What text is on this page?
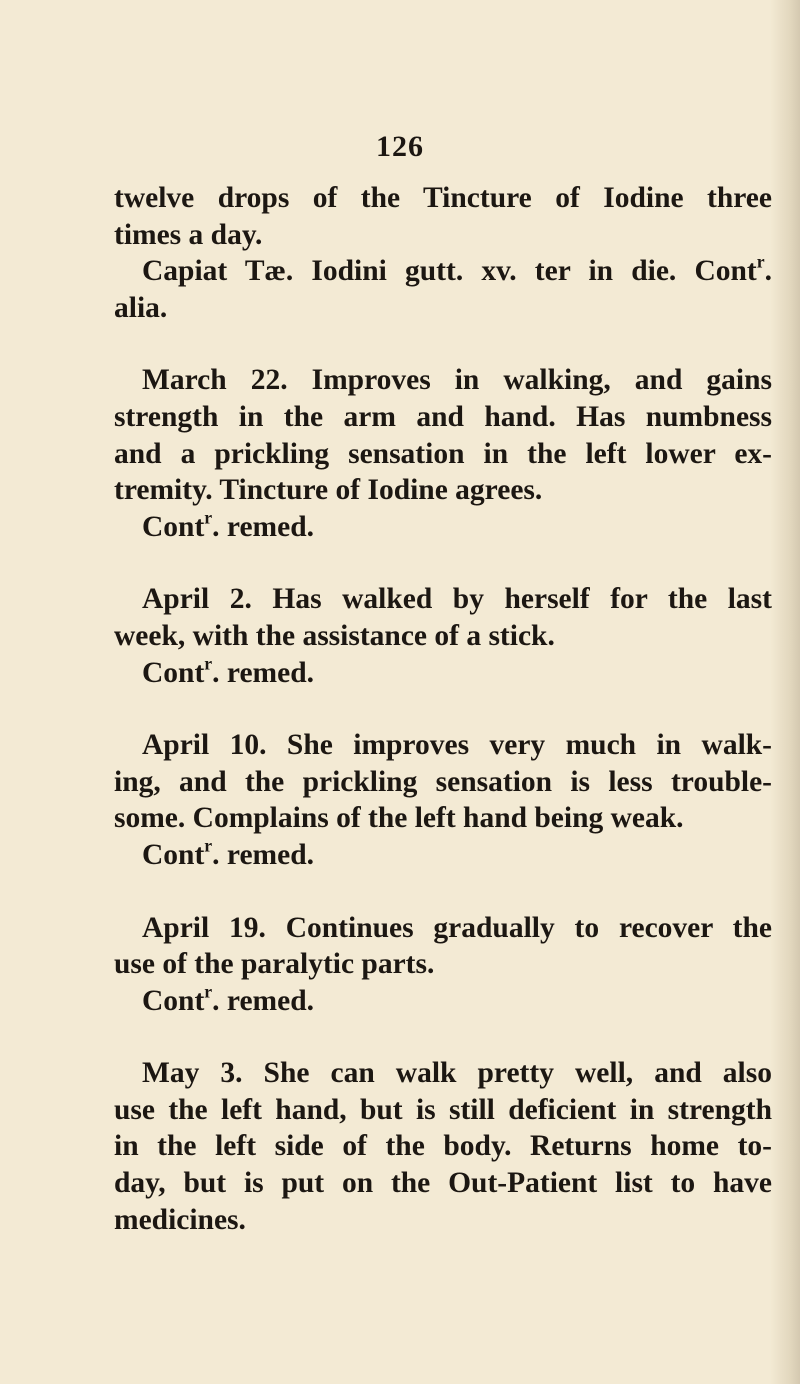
126

twelve drops of the Tincture of Iodine three
times a day.

Capiat Tæ. Iodini gutt. xv. ter in die. Cont$^r$.
alia.

March 22. Improves in walking, and gains
strength in the arm and hand. Has numbness
and a prickling sensation in the left lower ex-
tremity. Tincture of Iodine agrees.
Cont$^r$. remed.

April 2. Has walked by herself for the last
week, with the assistance of a stick.
Cont$^r$. remed.

April 10. She improves very much in walk-
ing, and the prickling sensation is less trouble-
some. Complains of the left hand being weak.
Cont$^r$. remed.

April 19. Continues gradually to recover the
use of the paralytic parts.
Cont$^r$. remed.

May 3. She can walk pretty well, and also
use the left hand, but is still deficient in strength
in the left side of the body. Returns home to-
day, but is put on the Out-Patient list to have
medicines.
